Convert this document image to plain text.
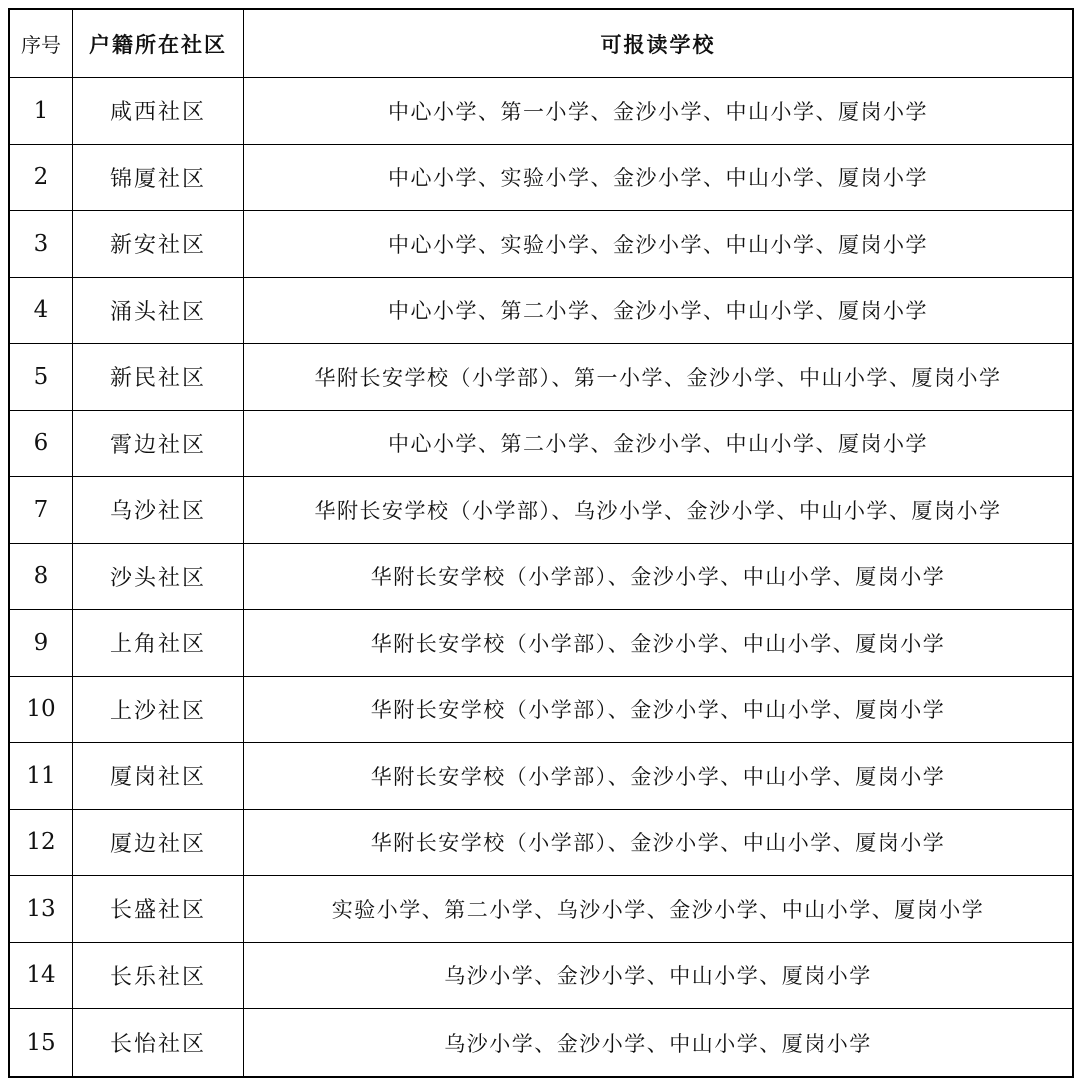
序号	户籍所在社区	可报读学校
1	咸西社区	中心小学、第一小学、金沙小学、中山小学、厦岗小学
2	锦厦社区	中心小学、实验小学、金沙小学、中山小学、厦岗小学
3	新安社区	中心小学、实验小学、金沙小学、中山小学、厦岗小学
4	涌头社区	中心小学、第二小学、金沙小学、中山小学、厦岗小学
5	新民社区	华附长安学校（小学部）、第一小学、金沙小学、中山小学、厦岗小学
6	霄边社区	中心小学、第二小学、金沙小学、中山小学、厦岗小学
7	乌沙社区	华附长安学校（小学部）、乌沙小学、金沙小学、中山小学、厦岗小学
8	沙头社区	华附长安学校（小学部）、金沙小学、中山小学、厦岗小学
9	上角社区	华附长安学校（小学部）、金沙小学、中山小学、厦岗小学
10	上沙社区	华附长安学校（小学部）、金沙小学、中山小学、厦岗小学
11	厦岗社区	华附长安学校（小学部）、金沙小学、中山小学、厦岗小学
12	厦边社区	华附长安学校（小学部）、金沙小学、中山小学、厦岗小学
13	长盛社区	实验小学、第二小学、乌沙小学、金沙小学、中山小学、厦岗小学
14	长乐社区	乌沙小学、金沙小学、中山小学、厦岗小学
15	长怡社区	乌沙小学、金沙小学、中山小学、厦岗小学
